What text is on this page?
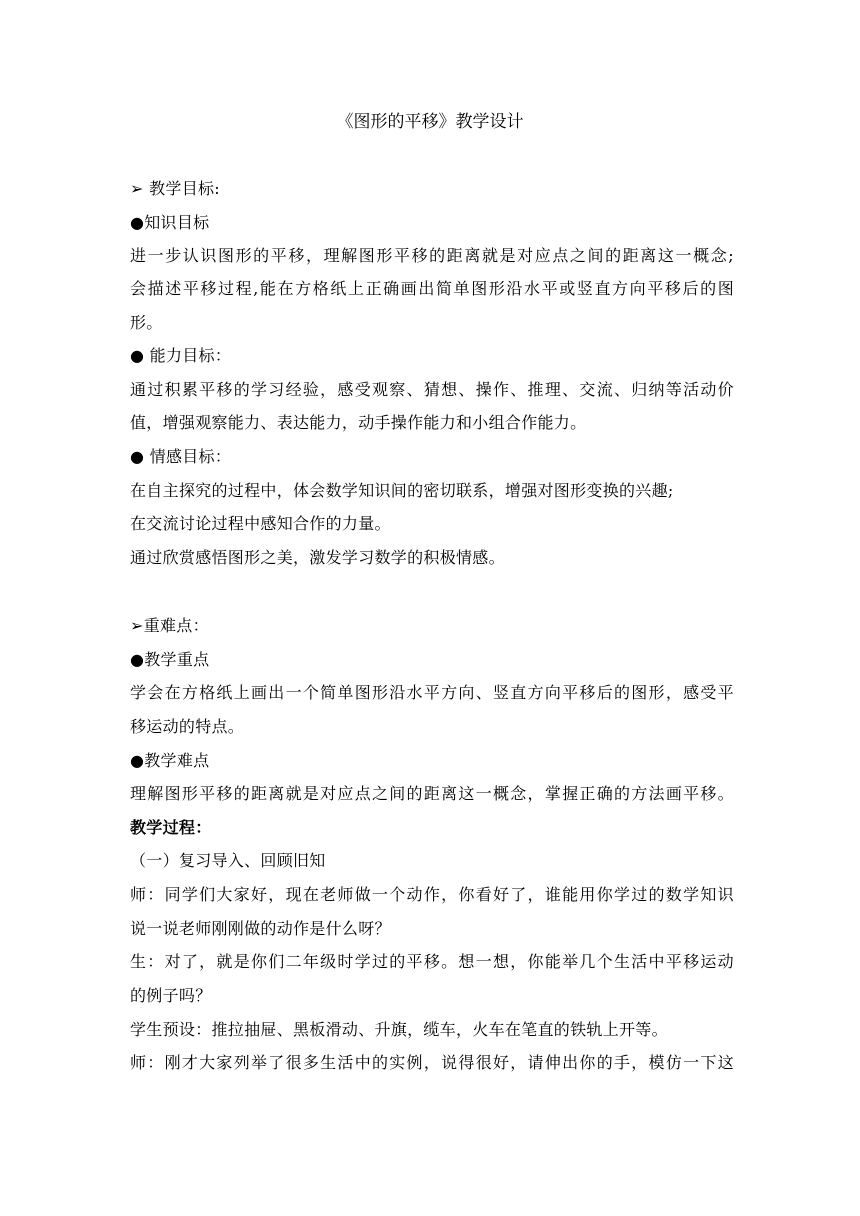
《图形的平移》教学设计
➢ 教学目标:
●知识目标
进一步认识图形的平移，理解图形平移的距离就是对应点之间的距离这一概念;
会描述平移过程,能在方格纸上正确画出简单图形沿水平或竖直方向平移后的图
形。
● 能力目标：
通过积累平移的学习经验，感受观察、猜想、操作、推理、交流、归纳等活动价
值，增强观察能力、表达能力，动手操作能力和小组合作能力。
● 情感目标：
在自主探究的过程中，体会数学知识间的密切联系，增强对图形变换的兴趣;
在交流讨论过程中感知合作的力量。
通过欣赏感悟图形之美，激发学习数学的积极情感。
➢重难点：
●教学重点
学会在方格纸上画出一个简单图形沿水平方向、竖直方向平移后的图形，感受平
移运动的特点。
●教学难点
理解图形平移的距离就是对应点之间的距离这一概念，掌握正确的方法画平移。
教学过程：
（一）复习导入、回顾旧知
师：同学们大家好，现在老师做一个动作，你看好了，谁能用你学过的数学知识
说一说老师刚刚做的动作是什么呀？
生：对了，就是你们二年级时学过的平移。想一想，你能举几个生活中平移运动
的例子吗？
学生预设：推拉抽屉、黑板滑动、升旗，缆车，火车在笔直的铁轨上开等。
师：刚才大家列举了很多生活中的实例，说得很好，请伸出你的手，模仿一下这
